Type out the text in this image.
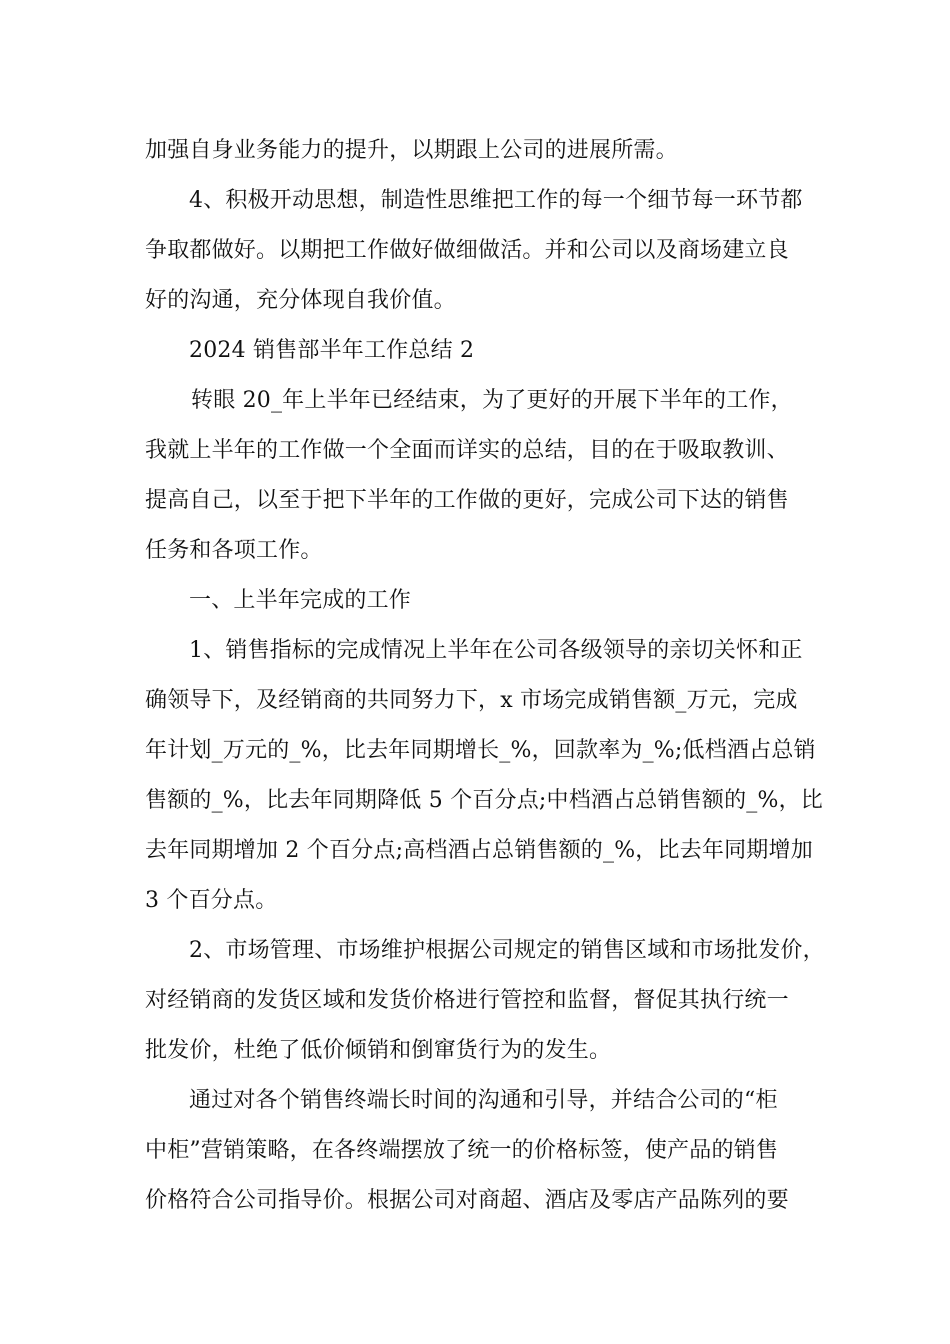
加强自身业务能力的提升，以期跟上公司的进展所需。
4、积极开动思想，制造性思维把工作的每一个细节每一环节都
争取都做好。以期把工作做好做细做活。并和公司以及商场建立良
好的沟通，充分体现自我价值。
2024 销售部半年工作总结 2
转眼 20_年上半年已经结束，为了更好的开展下半年的工作，
我就上半年的工作做一个全面而详实的总结，目的在于吸取教训、
提高自己，以至于把下半年的工作做的更好，完成公司下达的销售
任务和各项工作。
一、上半年完成的工作
1、销售指标的完成情况上半年在公司各级领导的亲切关怀和正
确领导下，及经销商的共同努力下，x 市场完成销售额_万元，完成
年计划_万元的_%，比去年同期增长_%，回款率为_%;低档酒占总销
售额的_%，比去年同期降低 5 个百分点;中档酒占总销售额的_%，比
去年同期增加 2 个百分点;高档酒占总销售额的_%，比去年同期增加
3 个百分点。
2、市场管理、市场维护根据公司规定的销售区域和市场批发价，
对经销商的发货区域和发货价格进行管控和监督，督促其执行统一
批发价，杜绝了低价倾销和倒窜货行为的发生。
通过对各个销售终端长时间的沟通和引导，并结合公司的“柜
中柜”营销策略，在各终端摆放了统一的价格标签，使产品的销售
价格符合公司指导价。根据公司对商超、酒店及零店产品陈列的要
